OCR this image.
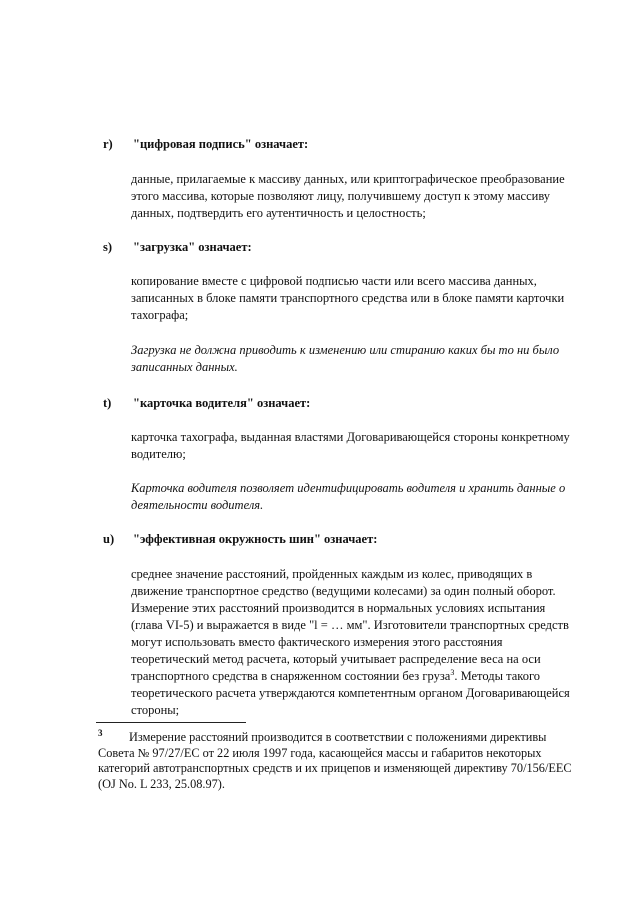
r) "цифровая подпись" означает:
данные, прилагаемые к массиву данных, или криптографическое преобразование этого массива, которые позволяют лицу, получившему доступ к этому массиву данных, подтвердить его аутентичность и целостность;
s) "загрузка" означает:
копирование вместе с цифровой подписью части или всего массива данных, записанных в блоке памяти транспортного средства или в блоке памяти карточки тахографа;
Загрузка не должна приводить к изменению или стиранию каких бы то ни было записанных данных.
t) "карточка водителя" означает:
карточка тахографа, выданная властями Договаривающейся стороны конкретному водителю;
Карточка водителя позволяет идентифицировать водителя и хранить данные о деятельности водителя.
u) "эффективная окружность шин" означает:
среднее значение расстояний, пройденных каждым из колес, приводящих в движение транспортное средство (ведущими колесами) за один полный оборот. Измерение этих расстояний производится в нормальных условиях испытания (глава VI-5) и выражается в виде "l = … мм". Изготовители транспортных средств могут использовать вместо фактического измерения этого расстояния теоретический метод расчета, который учитывает распределение веса на оси транспортного средства в снаряженном состоянии без груза$^3$. Методы такого теоретического расчета утверждаются компетентным органом Договаривающейся стороны;
3	Измерение расстояний производится в соответствии с положениями директивы Совета № 97/27/ЕС от 22 июля 1997 года, касающейся массы и габаритов некоторых категорий автотранспортных средств и их прицепов и изменяющей директиву 70/156/ЕЕС (OJ No. L 233, 25.08.97).
